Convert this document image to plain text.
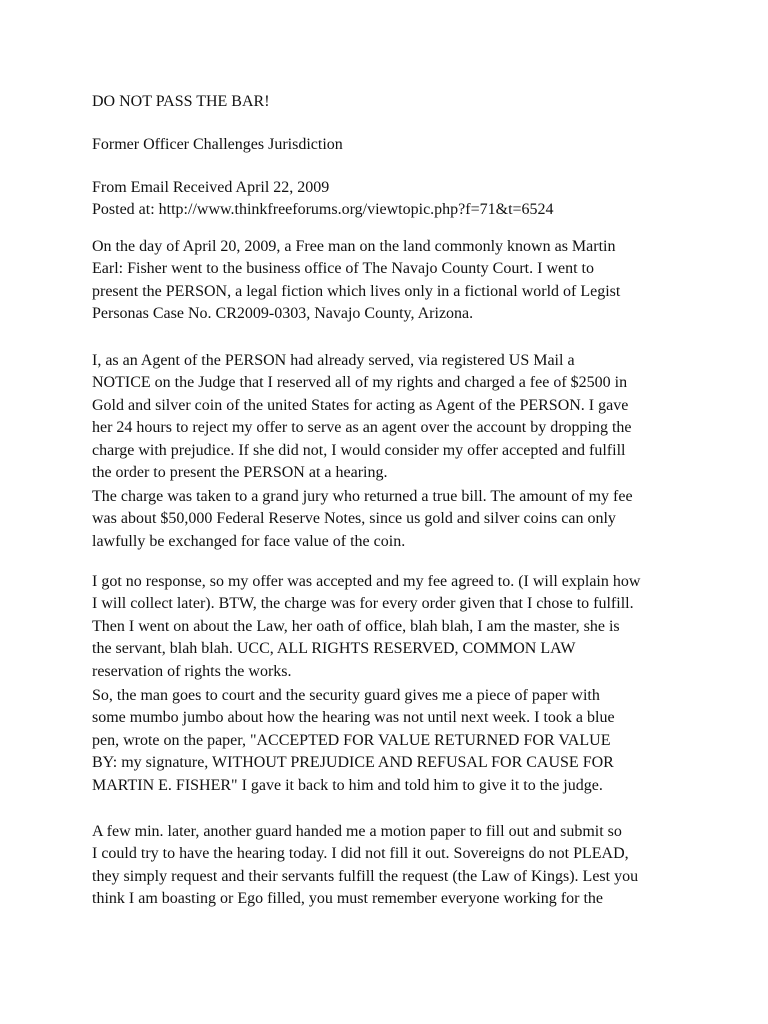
DO NOT PASS THE BAR!

Former Officer Challenges Jurisdiction

From Email Received April 22, 2009
Posted at: http://www.thinkfreeforums.org/viewtopic.php?f=71&t=6524

On the day of April 20, 2009, a Free man on the land commonly known as Martin
Earl: Fisher went to the business office of The Navajo County Court. I went to
present the PERSON, a legal fiction which lives only in a fictional world of Legist
Personas Case No. CR2009-0303, Navajo County, Arizona.

I, as an Agent of the PERSON had already served, via registered US Mail a
NOTICE on the Judge that I reserved all of my rights and charged a fee of $2500 in
Gold and silver coin of the united States for acting as Agent of the PERSON. I gave
her 24 hours to reject my offer to serve as an agent over the account by dropping the
charge with prejudice. If she did not, I would consider my offer accepted and fulfill
the order to present the PERSON at a hearing.

The charge was taken to a grand jury who returned a true bill. The amount of my fee
was about $50,000 Federal Reserve Notes, since us gold and silver coins can only
lawfully be exchanged for face value of the coin.

I got no response, so my offer was accepted and my fee agreed to. (I will explain how
I will collect later). BTW, the charge was for every order given that I chose to fulfill.
Then I went on about the Law, her oath of office, blah blah, I am the master, she is
the servant, blah blah. UCC, ALL RIGHTS RESERVED, COMMON LAW
reservation of rights the works.

So, the man goes to court and the security guard gives me a piece of paper with
some mumbo jumbo about how the hearing was not until next week. I took a blue
pen, wrote on the paper, "ACCEPTED FOR VALUE RETURNED FOR VALUE
BY: my signature, WITHOUT PREJUDICE AND REFUSAL FOR CAUSE FOR
MARTIN E. FISHER" I gave it back to him and told him to give it to the judge.

A few min. later, another guard handed me a motion paper to fill out and submit so
I could try to have the hearing today. I did not fill it out. Sovereigns do not PLEAD,
they simply request and their servants fulfill the request (the Law of Kings). Lest you
think I am boasting or Ego filled, you must remember everyone working for the
